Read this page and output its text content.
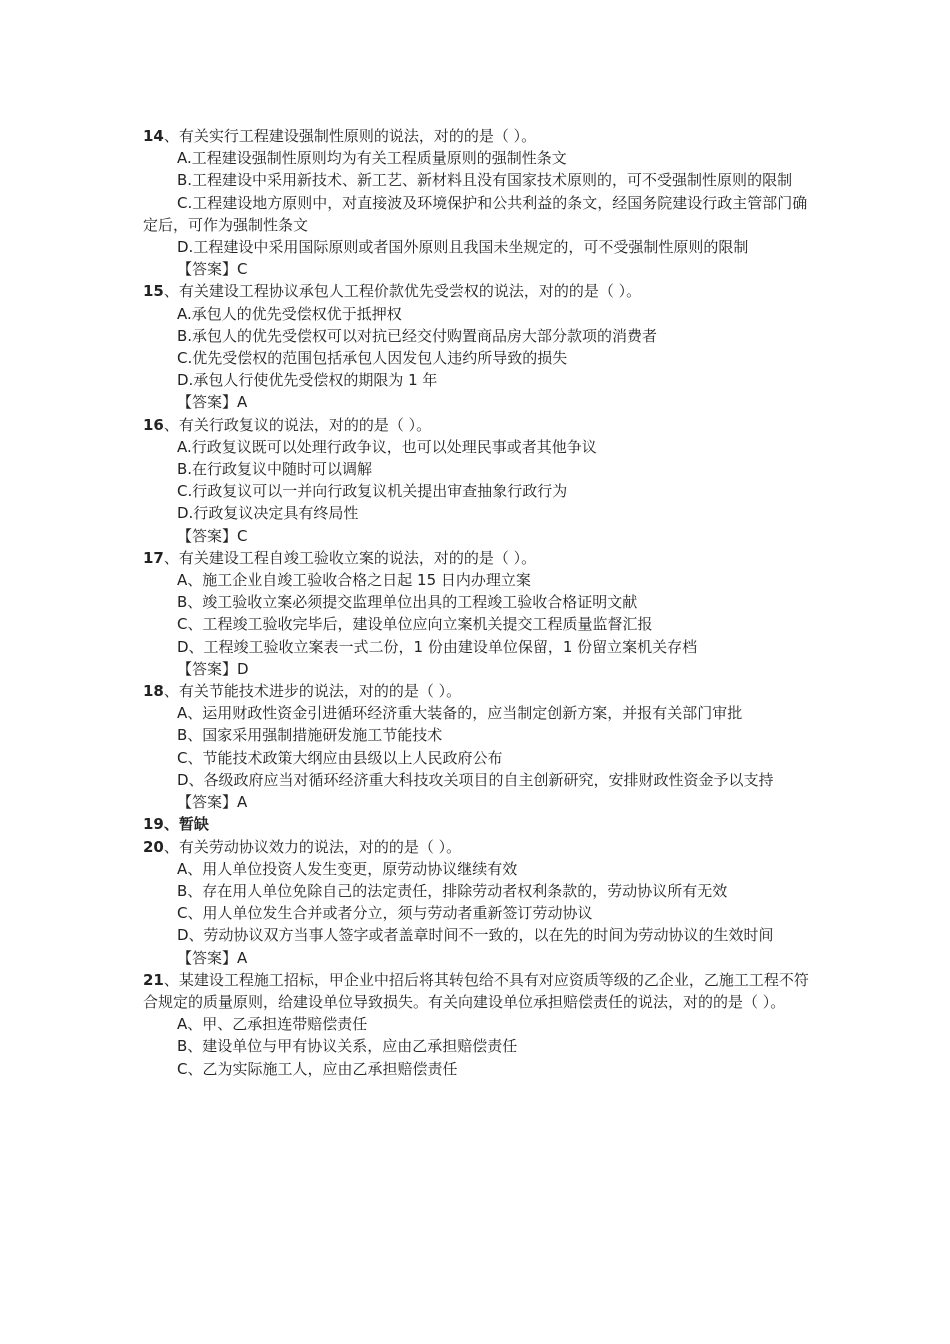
14、有关实行工程建设强制性原则的说法，对的的是（ ）。
A.工程建设强制性原则均为有关工程质量原则的强制性条文
B.工程建设中采用新技术、新工艺、新材料且没有国家技术原则的，可不受强制性原则的限制
C.工程建设地方原则中，对直接波及环境保护和公共利益的条文，经国务院建设行政主管部门确定后，可作为强制性条文
D.工程建设中采用国际原则或者国外原则且我国未坐规定的，可不受强制性原则的限制
【答案】C
15、有关建设工程协议承包人工程价款优先受尝权的说法，对的的是（ ）。
A.承包人的优先受偿权优于抵押权
B.承包人的优先受偿权可以对抗已经交付购置商品房大部分款项的消费者
C.优先受偿权的范围包括承包人因发包人违约所导致的损失
D.承包人行使优先受偿权的期限为 1 年
【答案】A
16、有关行政复议的说法，对的的是（ ）。
A.行政复议既可以处理行政争议，也可以处理民事或者其他争议
B.在行政复议中随时可以调解
C.行政复议可以一并向行政复议机关提出审查抽象行政行为
D.行政复议决定具有终局性
【答案】C
17、有关建设工程自竣工验收立案的说法，对的的是（ ）。
A、施工企业自竣工验收合格之日起 15 日内办理立案
B、竣工验收立案必须提交监理单位出具的工程竣工验收合格证明文献
C、工程竣工验收完毕后，建设单位应向立案机关提交工程质量监督汇报
D、工程竣工验收立案表一式二份，1 份由建设单位保留，1 份留立案机关存档
【答案】D
18、有关节能技术进步的说法，对的的是（ ）。
A、运用财政性资金引进循环经济重大装备的，应当制定创新方案，并报有关部门审批
B、国家采用强制措施研发施工节能技术
C、节能技术政策大纲应由县级以上人民政府公布
D、各级政府应当对循环经济重大科技攻关项目的自主创新研究，安排财政性资金予以支持
【答案】A
19、暂缺
20、有关劳动协议效力的说法，对的的是（ ）。
A、用人单位投资人发生变更，原劳动协议继续有效
B、存在用人单位免除自己的法定责任，排除劳动者权利条款的，劳动协议所有无效
C、用人单位发生合并或者分立，须与劳动者重新签订劳动协议
D、劳动协议双方当事人签字或者盖章时间不一致的，以在先的时间为劳动协议的生效时间
【答案】A
21、某建设工程施工招标，甲企业中招后将其转包给不具有对应资质等级的乙企业，乙施工工程不符合规定的质量原则，给建设单位导致损失。有关向建设单位承担赔偿责任的说法，对的的是（ ）。
A、甲、乙承担连带赔偿责任
B、建设单位与甲有协议关系，应由乙承担赔偿责任
C、乙为实际施工人，应由乙承担赔偿责任
